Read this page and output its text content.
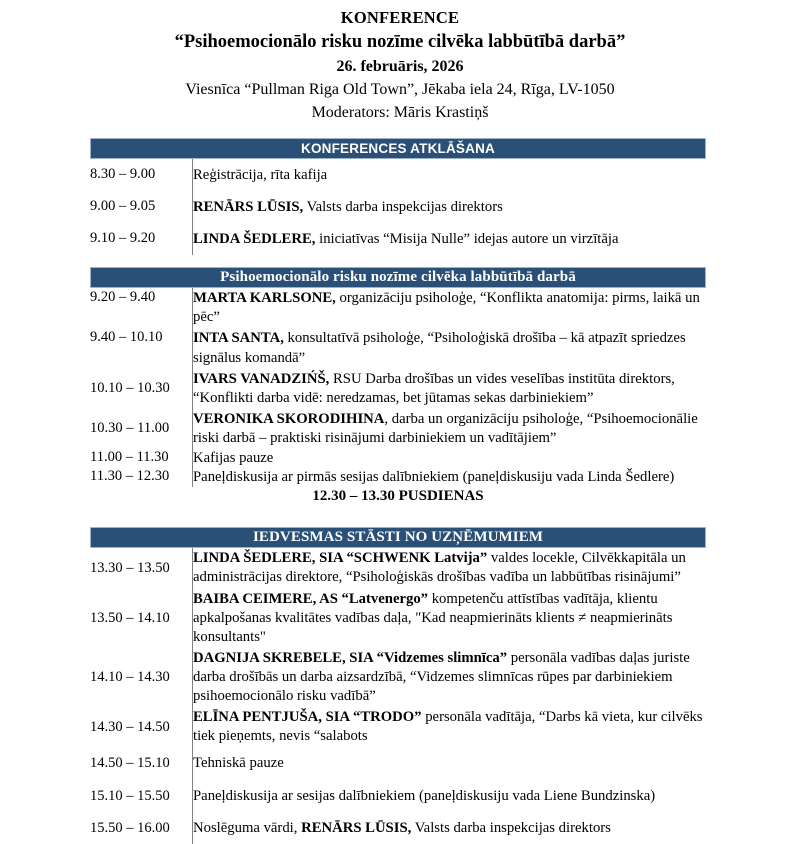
KONFERENCE
“Psihoemocionālo risku nozīme cilvēka labbūtībā darbā”
26. februāris, 2026
Viesnīca “Pullman Riga Old Town”, Jēkaba iela 24, Rīga, LV-1050
Moderators: Māris Krastiņš
KONFERENCES ATKLĀŠANA
8.30 – 9.00	Reģistrācija, rīta kafija
9.00 – 9.05	RENĀRS LŪSIS, Valsts darba inspekcijas direktors
9.10 – 9.20	LINDA ŠEDLERE, iniciatīvas “Misija Nulle” idejas autore un virzītāja
Psihoemocionālo risku nozīme cilvēka labbūtībā darbā
9.20 – 9.40	MARTA KARLSONE, organizāciju psiholoģe, “Konflikta anatomija: pirms, laikā un pēc”
9.40 – 10.10	INTA SANTA, konsultatīvā psiholoģe, “Psiholoģiskā drošība – kā atpazīt spriedzes signālus komandā”
10.10 – 10.30	IVARS VANADZIŃŠ, RSU Darba drošības un vides veselības institūta direktors, “Konflikti darba vidē: neredzamas, bet jūtamas sekas darbiniekiem”
10.30 – 11.00	VERONIKA SKORODIHINA, darba un organizāciju psiholoģe, “Psihoemocionālie riski darbā – praktiski risinājumi darbiniekiem un vadītājiem”
11.00 – 11.30	Kafijas pauze
11.30 – 12.30	Paneļdiskusija ar pirmās sesijas dalībniekiem (paneļdiskusiju vada Linda Šedlere)
12.30 – 13.30 PUSDIENAS
IEDVESMAS STĀSTI NO UZŅĒMUMIEM
13.30 – 13.50	LINDA ŠEDLERE, SIA “SCHWENK Latvija” valdes locekle, Cilvēkkapitāla un administrācijas direktore, “Psiholoģiskās drošības vadība un labbūtības risinājumi”
13.50 – 14.10	BAIBA CEIMERE, AS “Latvenergo” kompetenču attīstības vadītāja, klientu apkalpošanas kvalitātes vadības daļa, "Kad neapmierināts klients ≠ neapmierināts konsultants"
14.10 – 14.30	DAGNIJA SKREBELE, SIA “Vidzemes slimnīca” personāla vadības daļas juriste darba drošībās un darba aizsardzībā, “Vidzemes slimnīcas rūpes par darbiniekiem psihoemocionālo risku vadībā”
14.30 – 14.50	ELĪNA PENTJUŠA, SIA “TRODO” personāla vadītāja, “Darbs kā vieta, kur cilvēks tiek pieņemts, nevis “salabots
14.50 – 15.10	Tehniskā pauze
15.10 – 15.50	Paneļdiskusija ar sesijas dalībniekiem (paneļdiskusiju vada Liene Bundzinska)
15.50 – 16.00	Noslēguma vārdi, RENĀRS LŪSIS, Valsts darba inspekcijas direktors
